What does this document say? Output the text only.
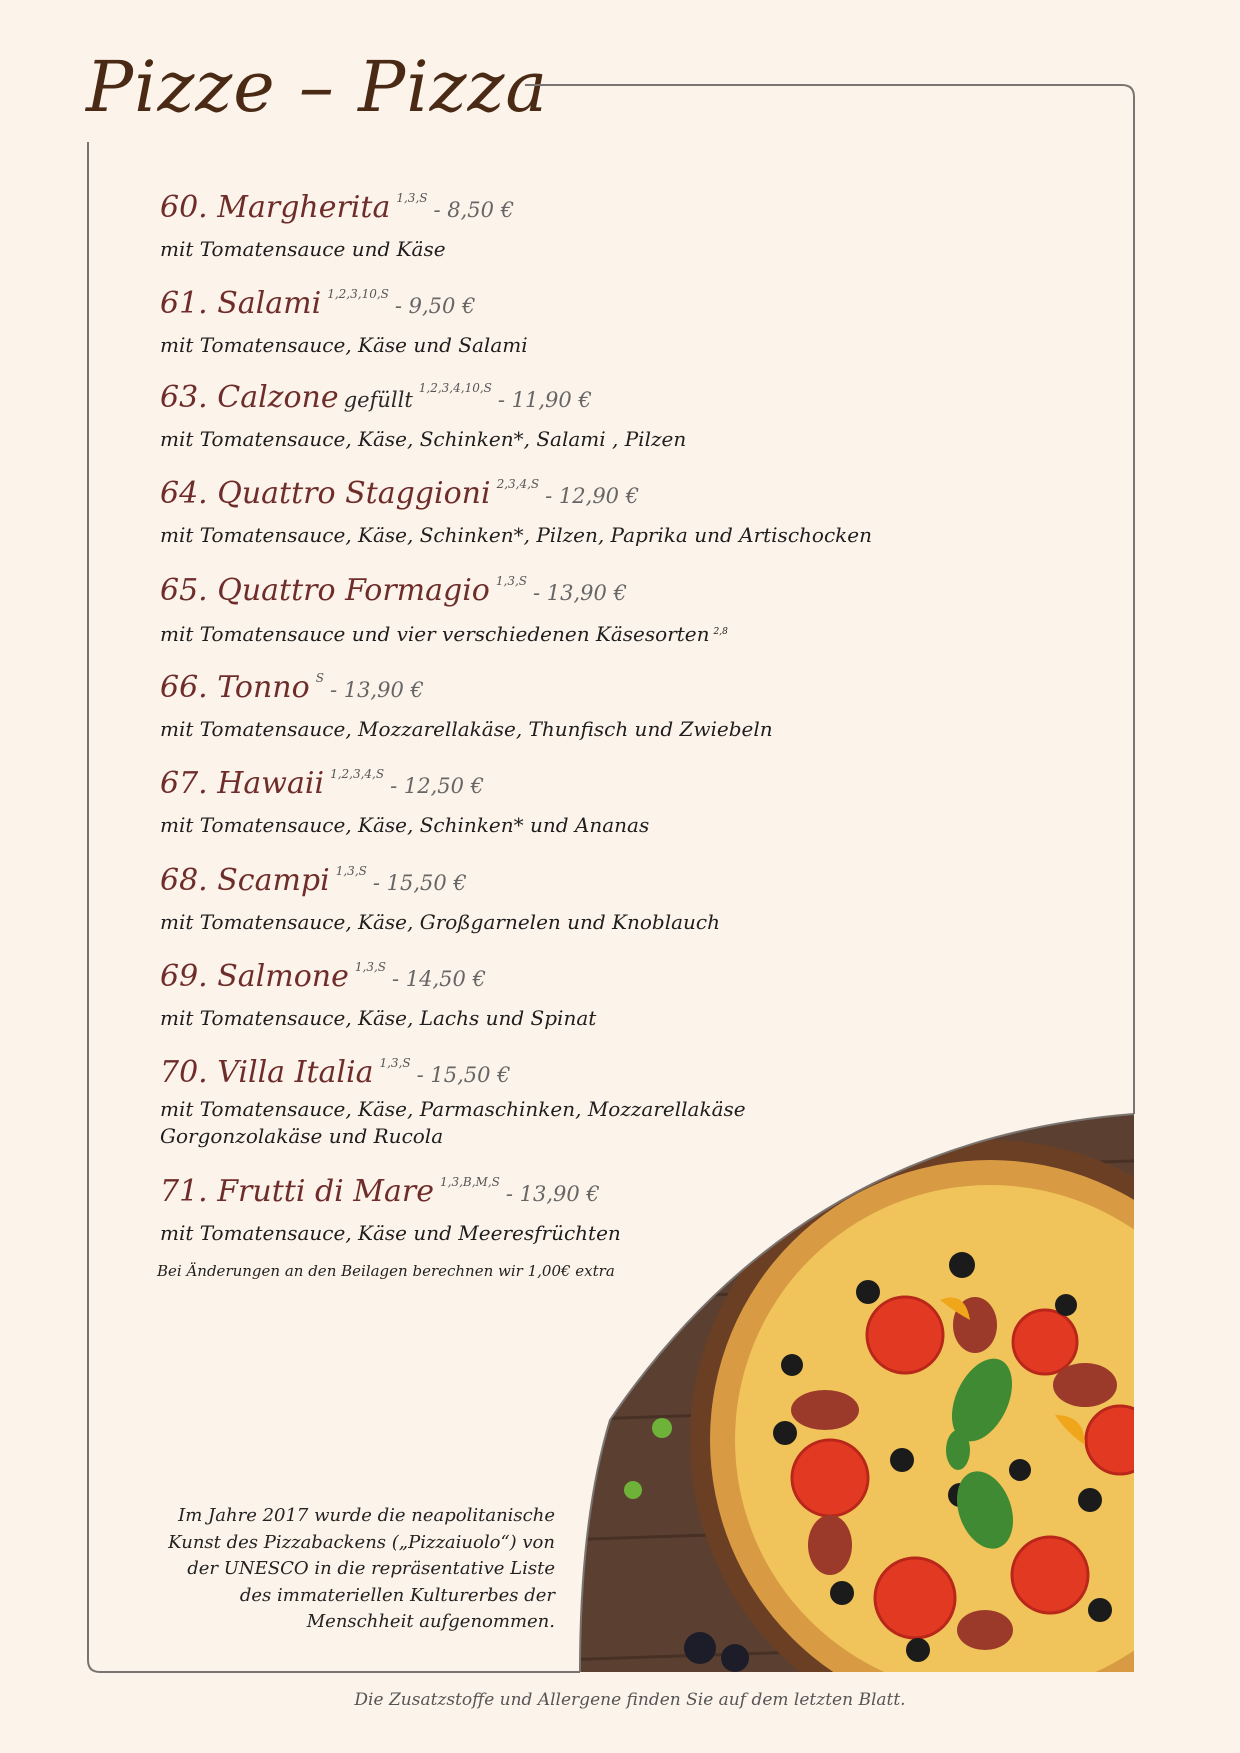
Pizze – Pizza
60. Margherita $^{1,3,S}$ - 8,50 €
mit Tomatensauce und Käse
61. Salami $^{1,2,3,10,S}$ - 9,50 €
mit Tomatensauce, Käse und Salami
63. Calzone gefüllt $^{1,2,3,4,10,S}$ - 11,90 €
mit Tomatensauce, Käse, Schinken*, Salami , Pilzen
64. Quattro Staggioni $^{2,3,4,S}$ - 12,90 €
mit Tomatensauce, Käse, Schinken*, Pilzen, Paprika und Artischocken
65. Quattro Formagio $^{1,3,S}$ - 13,90 €
mit Tomatensauce und vier verschiedenen Käsesorten $^{2,8}$
66. Tonno $^S$ - 13,90 €
mit Tomatensauce, Mozzarellakäse, Thunfisch und Zwiebeln
67. Hawaii $^{1,2,3,4,S}$ - 12,50 €
mit Tomatensauce, Käse, Schinken* und Ananas
68. Scampi $^{1,3,S}$ - 15,50 €
mit Tomatensauce, Käse, Großgarnelen und Knoblauch
69. Salmone $^{1,3,S}$ - 14,50 €
mit Tomatensauce, Käse, Lachs und Spinat
70. Villa Italia $^{1,3,S}$ - 15,50 €
mit Tomatensauce, Käse, Parmaschinken, Mozzarellakäse
Gorgonzolakäse und Rucola
71. Frutti di Mare $^{1,3,B,M,S}$ - 13,90 €
mit Tomatensauce, Käse und Meeresfrüchten
Bei Änderungen an den Beilagen berechnen wir 1,00€ extra
Im Jahre 2017 wurde die neapolitanische
Kunst des Pizzabackens („Pizzaiuolo“) von
der UNESCO in die repräsentative Liste
des immateriellen Kulturerbes der
Menschheit aufgenommen.
Die Zusatzstoffe und Allergene finden Sie auf dem letzten Blatt.
